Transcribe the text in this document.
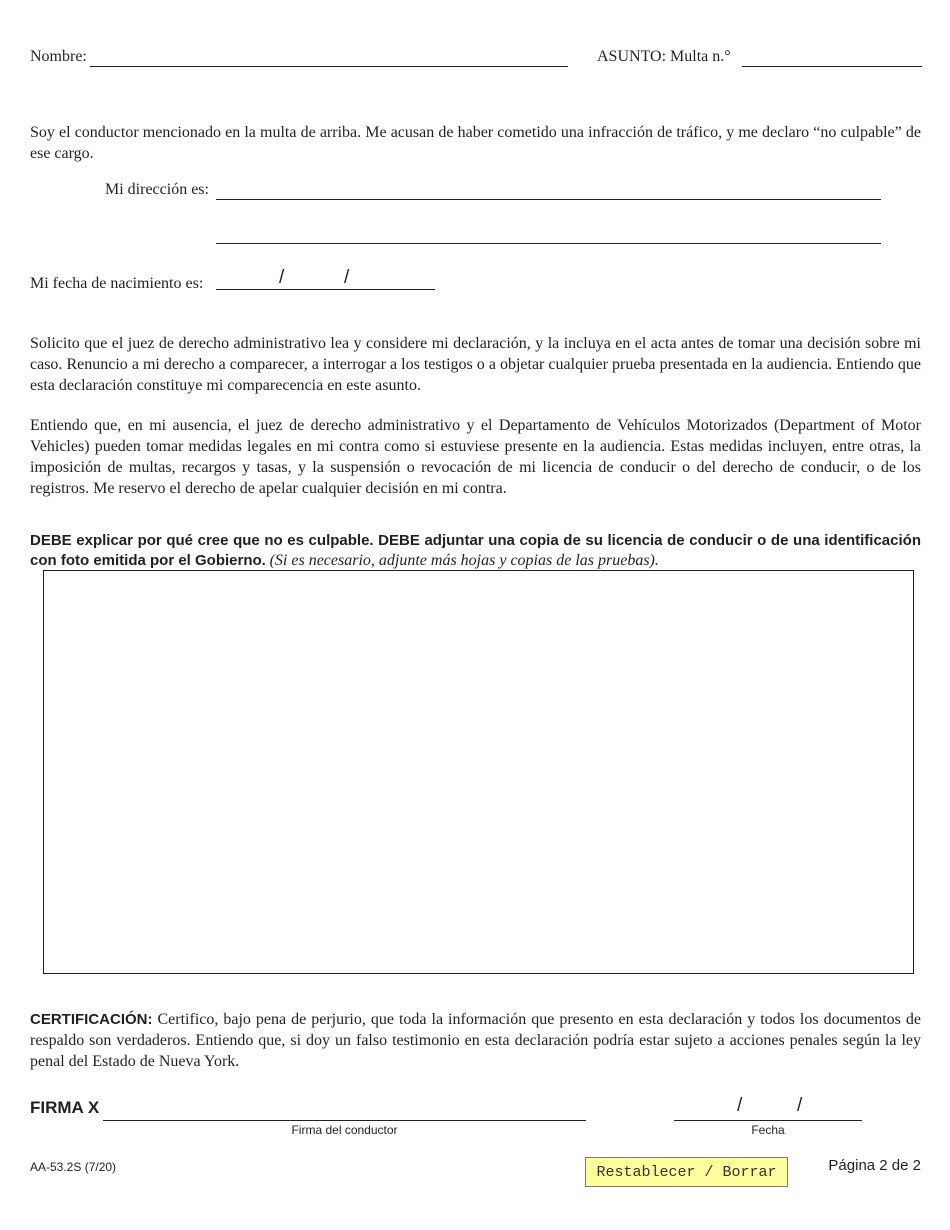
Nombre:	ASUNTO: Multa n.°

Soy el conductor mencionado en la multa de arriba. Me acusan de haber cometido una infracción de tráfico, y me declaro “no culpable” de ese cargo.

Mi dirección es:
Mi fecha de nacimiento es:	/	/

Solicito que el juez de derecho administrativo lea y considere mi declaración, y la incluya en el acta antes de tomar una decisión sobre mi caso. Renuncio a mi derecho a comparecer, a interrogar a los testigos o a objetar cualquier prueba presentada en la audiencia. Entiendo que esta declaración constituye mi comparecencia en este asunto.

Entiendo que, en mi ausencia, el juez de derecho administrativo y el Departamento de Vehículos Motorizados (Department of Motor Vehicles) pueden tomar medidas legales en mi contra como si estuviese presente en la audiencia. Estas medidas incluyen, entre otras, la imposición de multas, recargos y tasas, y la suspensión o revocación de mi licencia de conducir o del derecho de conducir, o de los registros. Me reservo el derecho de apelar cualquier decisión en mi contra.

DEBE explicar por qué cree que no es culpable. DEBE adjuntar una copia de su licencia de conducir o de una identificación con foto emitida por el Gobierno. (Si es necesario, adjunte más hojas y copias de las pruebas).

CERTIFICACIÓN: Certifico, bajo pena de perjurio, que toda la información que presento en esta declaración y todos los documentos de respaldo son verdaderos. Entiendo que, si doy un falso testimonio en esta declaración podría estar sujeto a acciones penales según la ley penal del Estado de Nueva York.

FIRMA X
Firma del conductor
/	/
Fecha
AA-53.2S (7/20)	Restablecer / Borrar	Página 2 de 2
